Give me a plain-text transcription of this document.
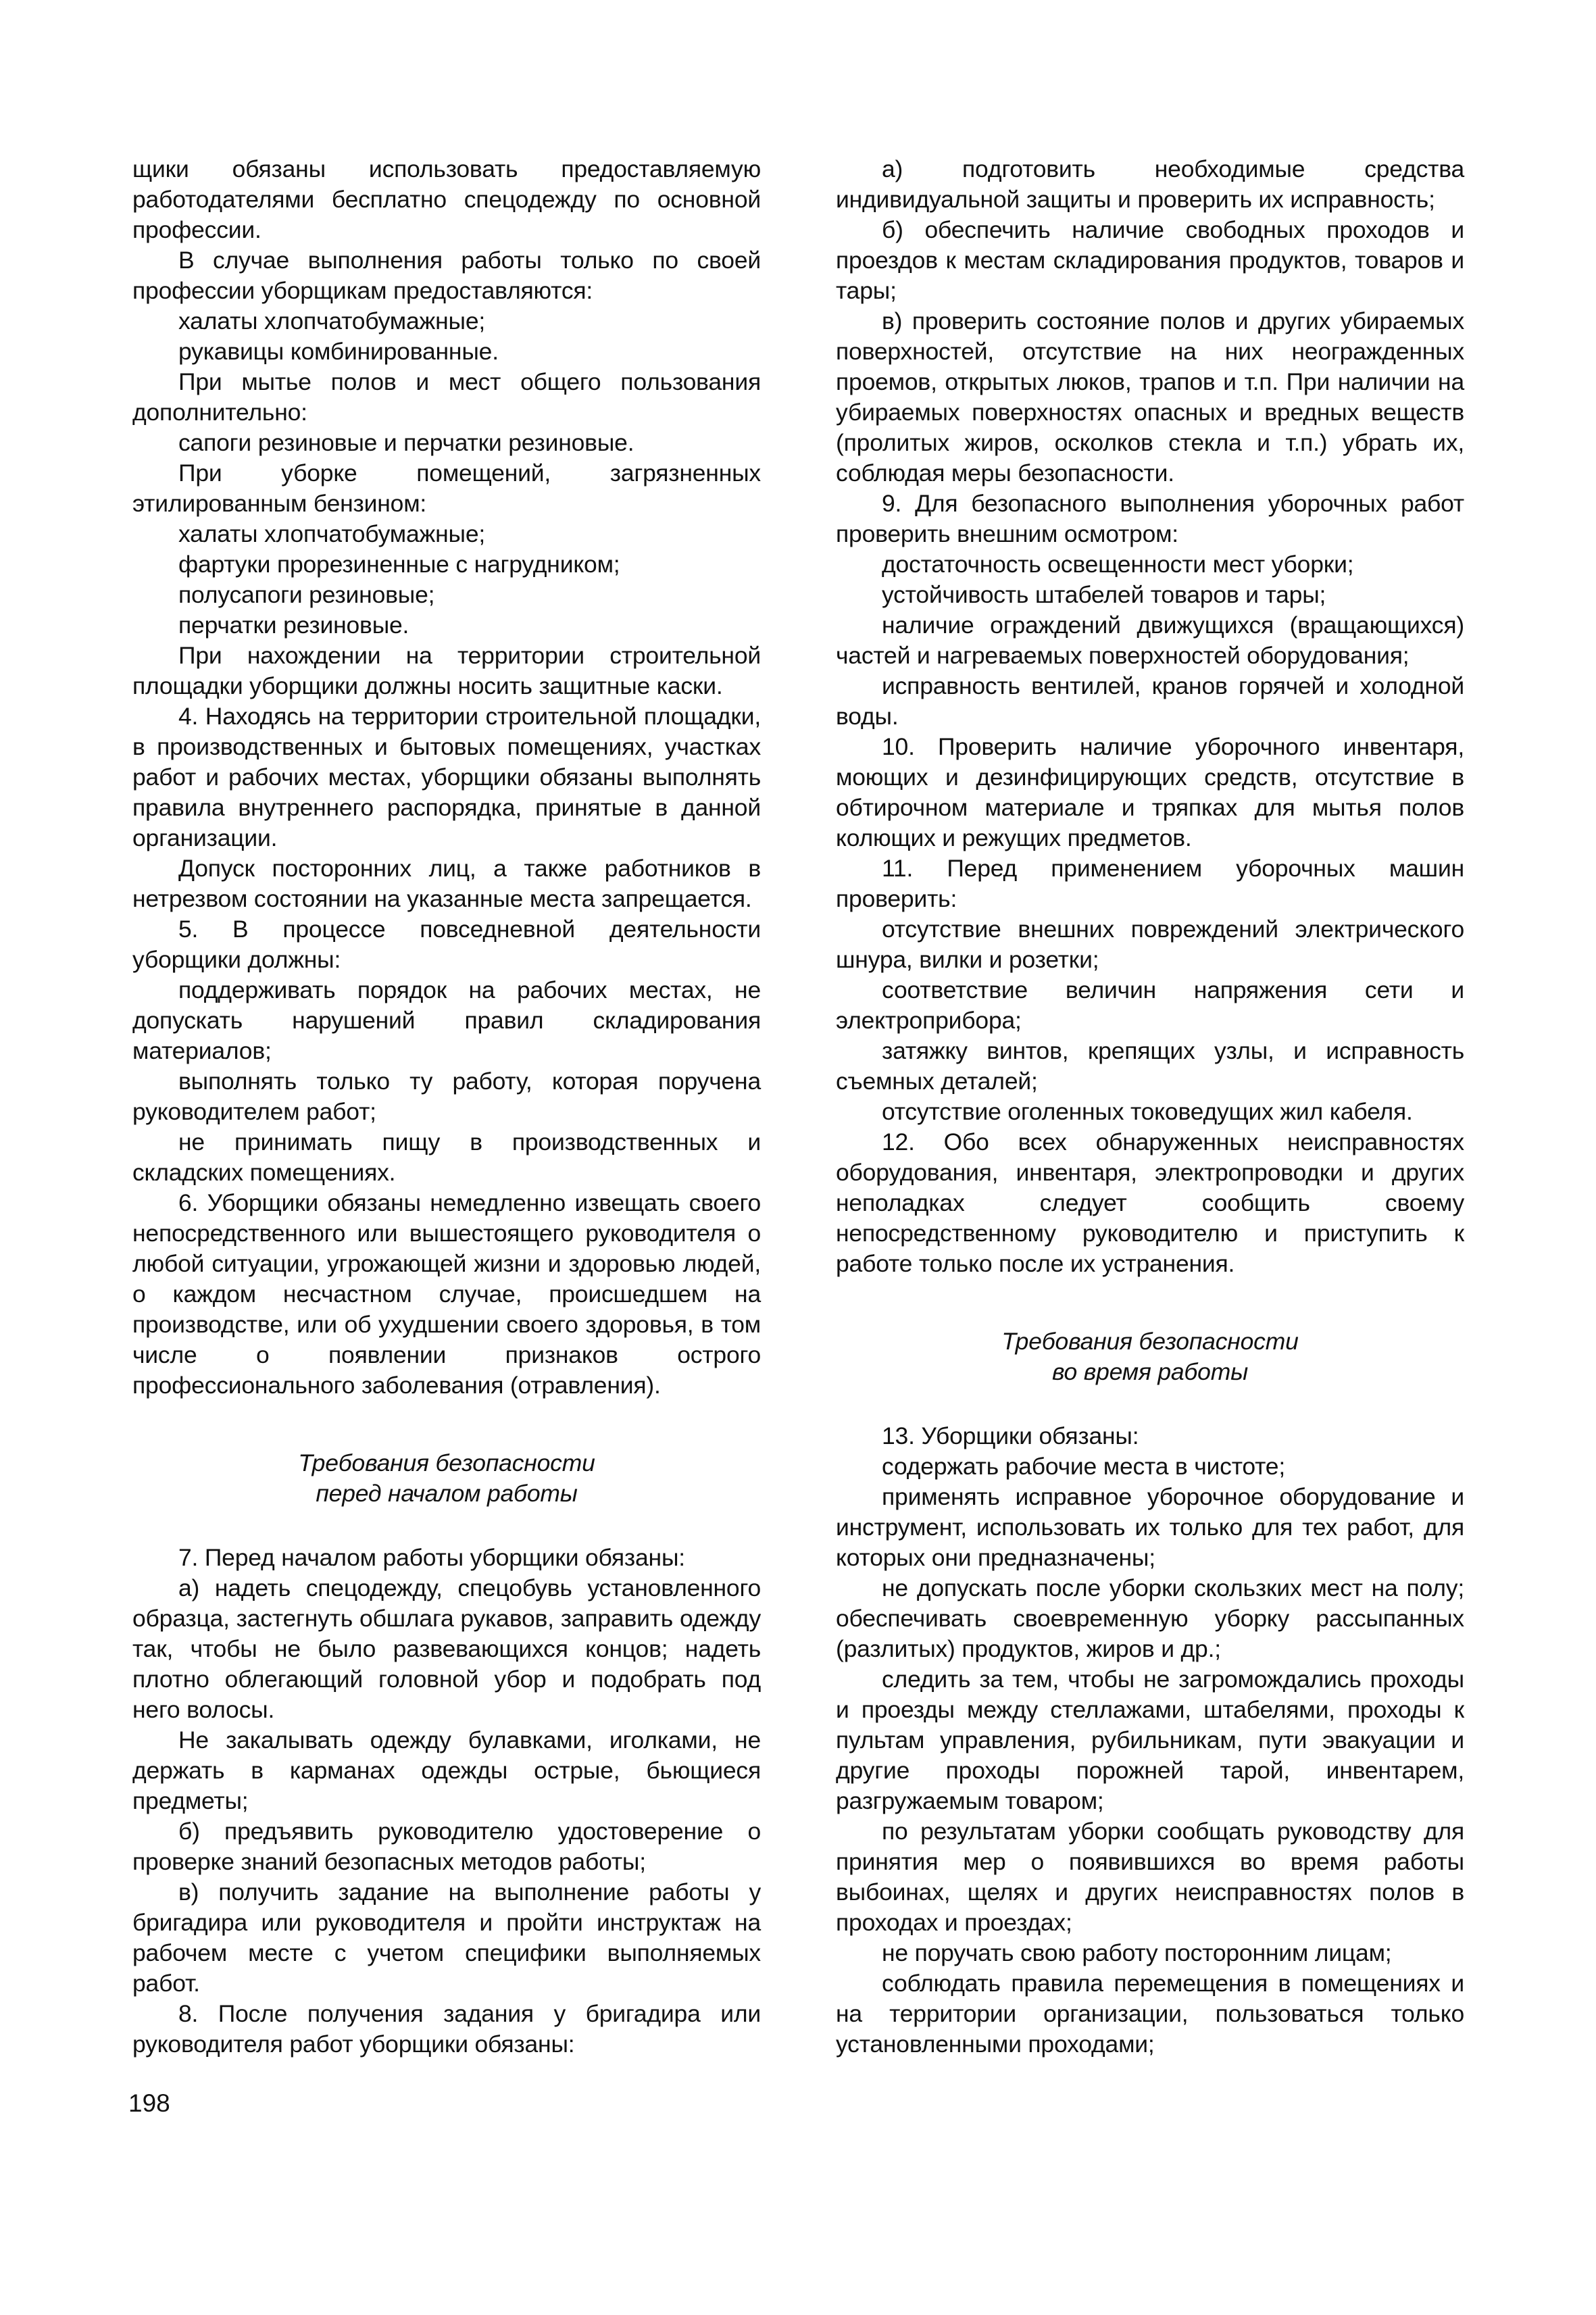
щики обязаны использовать предоставляемую работодателями бесплатно спецодежду по основной профессии.

В случае выполнения работы только по своей профессии уборщикам предоставляются:

халаты хлопчатобумажные;

рукавицы комбинированные.

При мытье полов и мест общего пользования дополнительно:

сапоги резиновые и перчатки резиновые.

При уборке помещений, загрязненных этилированным бензином:

халаты хлопчатобумажные;

фартуки прорезиненные с нагрудником;

полусапоги резиновые;

перчатки резиновые.

При нахождении на территории строительной площадки уборщики должны носить защитные каски.

4. Находясь на территории строительной площадки, в производственных и бытовых помещениях, участках работ и рабочих местах, уборщики обязаны выполнять правила внутреннего распорядка, принятые в данной организации.

Допуск посторонних лиц, а также работников в нетрезвом состоянии на указанные места запрещается.

5. В процессе повседневной деятельности уборщики должны:

поддерживать порядок на рабочих местах, не допускать нарушений правил складирования материалов;

выполнять только ту работу, которая поручена руководителем работ;

не принимать пищу в производственных и складских помещениях.

6. Уборщики обязаны немедленно извещать своего непосредственного или вышестоящего руководителя о любой ситуации, угрожающей жизни и здоровью людей, о каждом несчастном случае, происшедшем на производстве, или об ухудшении своего здоровья, в том числе о появлении признаков острого профессионального заболевания (отравления).

Требования безопасности

перед началом работы

7. Перед началом работы уборщики обязаны:

а) надеть спецодежду, спецобувь установленного образца, застегнуть обшлага рукавов, заправить одежду так, чтобы не было развевающихся концов; надеть плотно облегающий головной убор и подобрать под него волосы.

Не закалывать одежду булавками, иголками, не держать в карманах одежды острые, бьющиеся предметы;

б) предъявить руководителю удостоверение о проверке знаний безопасных методов работы;

в) получить задание на выполнение работы у бригадира или руководителя и пройти инструктаж на рабочем месте с учетом специфики выполняемых работ.

8. После получения задания у бригадира или руководителя работ уборщики обязаны:

а) подготовить необходимые средства индивидуальной защиты и проверить их исправность;

б) обеспечить наличие свободных проходов и проездов к местам складирования продуктов, товаров и тары;

в) проверить состояние полов и других убираемых поверхностей, отсутствие на них неогражденных проемов, открытых люков, трапов и т.п. При наличии на убираемых поверхностях опасных и вредных веществ (пролитых жиров, осколков стекла и т.п.) убрать их, соблюдая меры безопасности.

9. Для безопасного выполнения уборочных работ проверить внешним осмотром:

достаточность освещенности мест уборки;

устойчивость штабелей товаров и тары;

наличие ограждений движущихся (вращающихся) частей и нагреваемых поверхностей оборудования;

исправность вентилей, кранов горячей и холодной воды.

10. Проверить наличие уборочного инвентаря, моющих и дезинфицирующих средств, отсутствие в обтирочном материале и тряпках для мытья полов колющих и режущих предметов.

11. Перед применением уборочных машин проверить:

отсутствие внешних повреждений электрического шнура, вилки и розетки;

соответствие величин напряжения сети и электроприбора;

затяжку винтов, крепящих узлы, и исправность съемных деталей;

отсутствие оголенных токоведущих жил кабеля.

12. Обо всех обнаруженных неисправностях оборудования, инвентаря, электропроводки и других неполадках следует сообщить своему непосредственному руководителю и приступить к работе только после их устранения.

Требования безопасности

во время работы

13. Уборщики обязаны:

содержать рабочие места в чистоте;

применять исправное уборочное оборудование и инструмент, использовать их только для тех работ, для которых они предназначены;

не допускать после уборки скользких мест на полу; обеспечивать своевременную уборку рассыпанных (разлитых) продуктов, жиров и др.;

следить за тем, чтобы не загромождались проходы и проезды между стеллажами, штабелями, проходы к пультам управления, рубильникам, пути эвакуации и другие проходы порожней тарой, инвентарем, разгружаемым товаром;

по результатам уборки сообщать руководству для принятия мер о появившихся во время работы выбоинах, щелях и других неисправностях полов в проходах и проездах;

не поручать свою работу посторонним лицам;

соблюдать правила перемещения в помещениях и на территории организации, пользоваться только установленными проходами;

198
